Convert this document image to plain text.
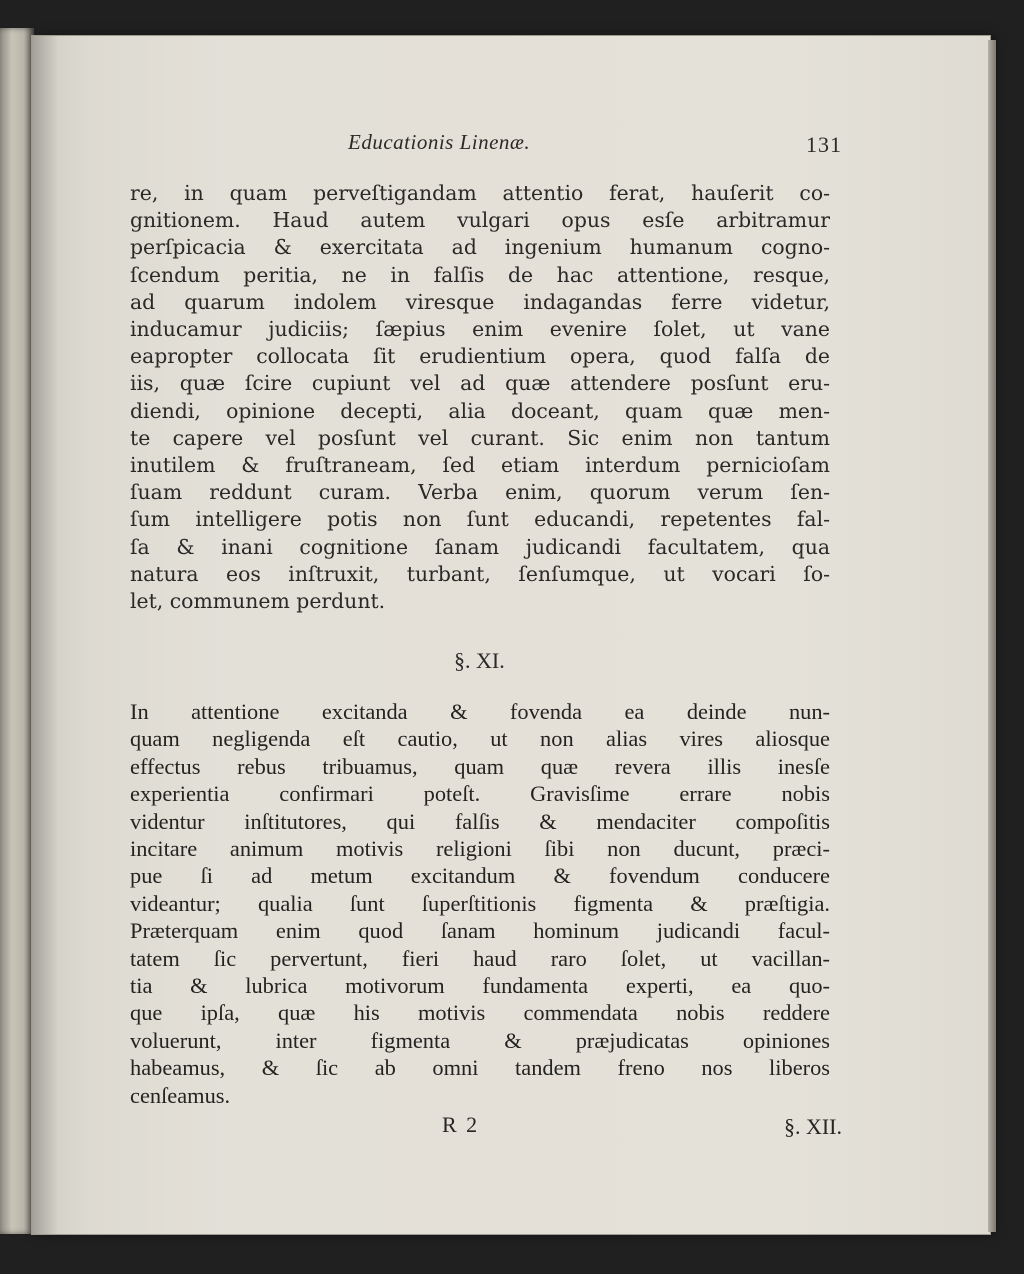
Educationis Linenæ.	131
re, in quam perveſtigandam attentio ferat, hauſerit co-
gnitionem. Haud autem vulgari opus esſe arbitramur
perſpicacia & exercitata ad ingenium humanum cogno-
ſcendum peritia, ne in falſis de hac attentione, resque,
ad quarum indolem viresque indagandas ferre videtur,
inducamur judiciis; ſæpius enim evenire ſolet, ut vane
eapropter collocata ſit erudientium opera, quod falſa de
iis, quæ ſcire cupiunt vel ad quæ attendere posſunt eru-
diendi, opinione decepti, alia doceant, quam quæ men-
te capere vel posſunt vel curant. Sic enim non tantum
inutilem & fruſtraneam, ſed etiam interdum pernicioſam
ſuam reddunt curam. Verba enim, quorum verum ſen-
ſum intelligere potis non ſunt educandi, repetentes fal-
ſa & inani cognitione ſanam judicandi facultatem, qua
natura eos inſtruxit, turbant, ſenſumque, ut vocari ſo-
let, communem perdunt.
§. XI.
In attentione excitanda & fovenda ea deinde nun-
quam negligenda eſt cautio, ut non alias vires aliosque
effectus rebus tribuamus, quam quæ revera illis inesſe
experientia confirmari poteſt. Gravisſime errare nobis
videntur inſtitutores, qui falſis & mendaciter compoſitis
incitare animum motivis religioni ſibi non ducunt, præci-
pue ſi ad metum excitandum & fovendum conducere
videantur; qualia ſunt ſuperſtitionis figmenta & præſtigia.
Præterquam enim quod ſanam hominum judicandi facul-
tatem ſic pervertunt, fieri haud raro ſolet, ut vacillan-
tia & lubrica motivorum fundamenta experti, ea quo-
que ipſa, quæ his motivis commendata nobis reddere
voluerunt, inter figmenta & præjudicatas opiniones
habeamus, & ſic ab omni tandem freno nos liberos
cenſeamus.
R 2	§. XII.
